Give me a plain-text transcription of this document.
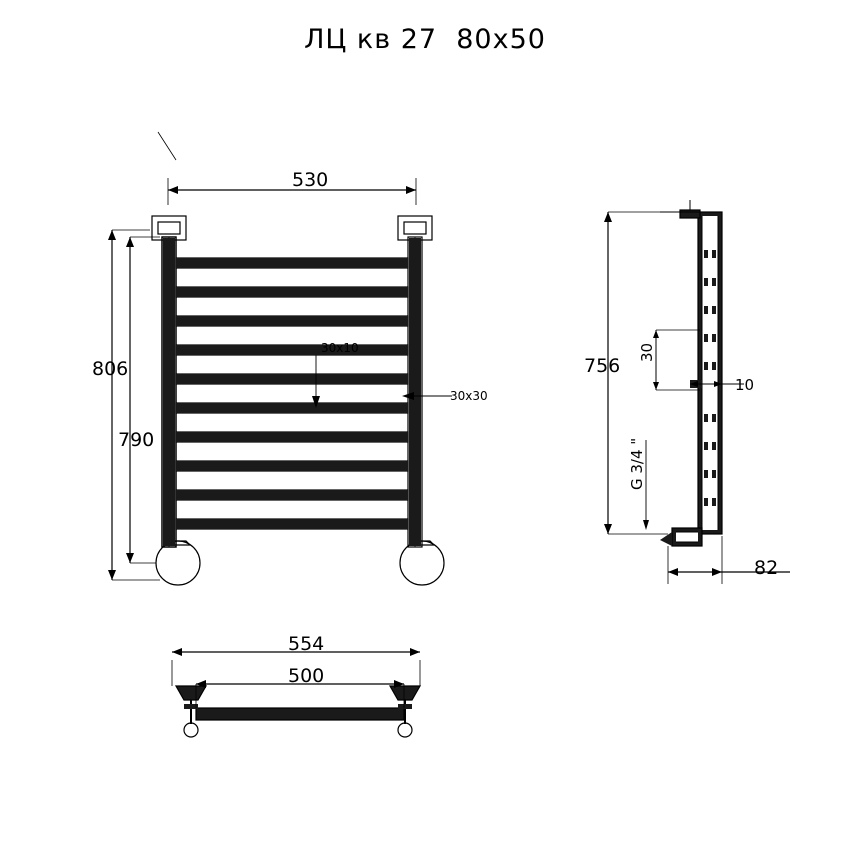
ЛЦ кв 27  80х50
530
806
790
30х10
30х30
756
30
10
G 3/4 "
82
554
500
